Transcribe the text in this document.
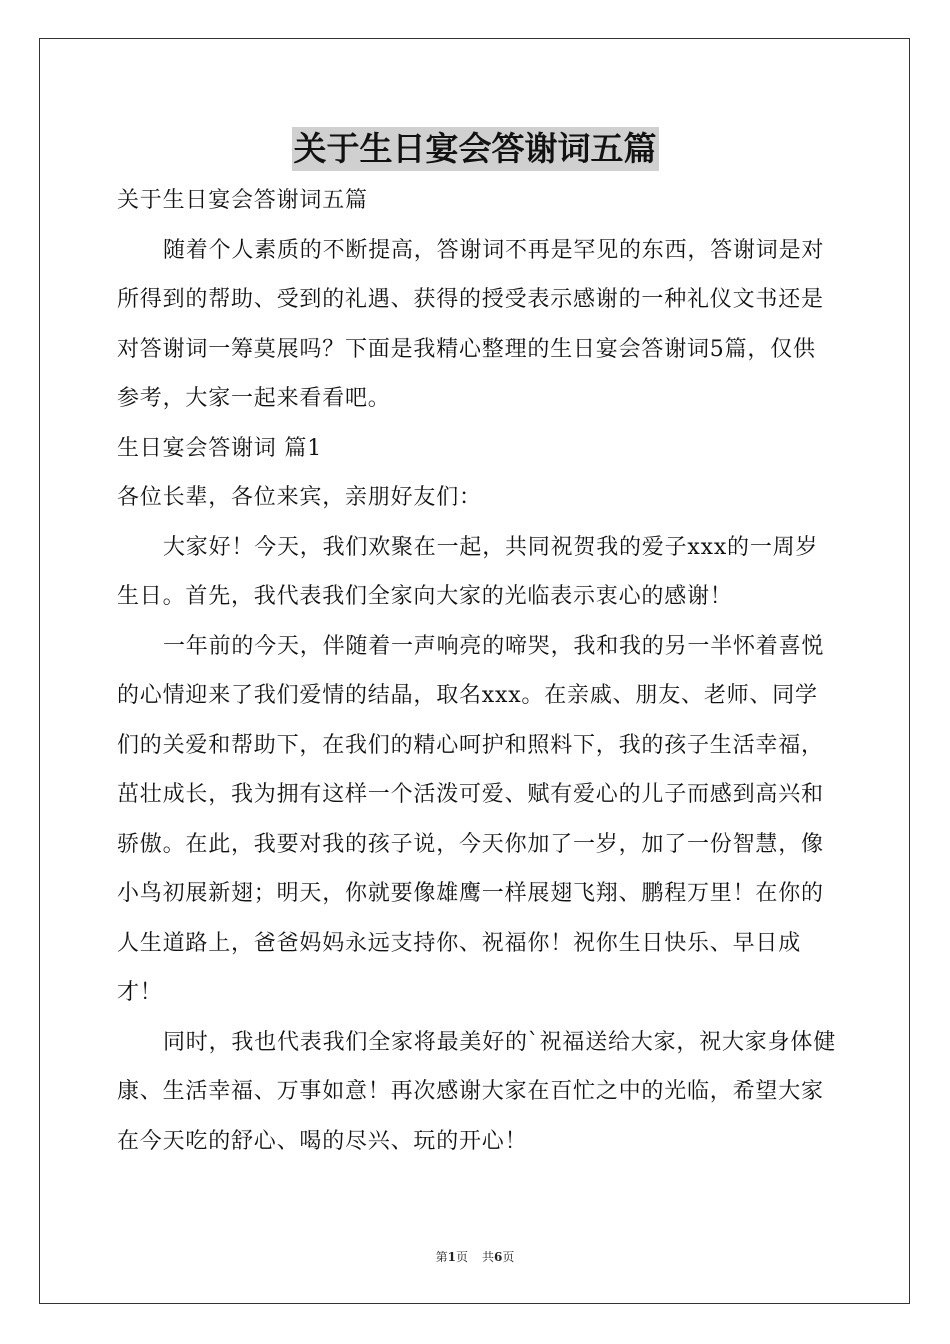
关于生日宴会答谢词五篇

关于生日宴会答谢词五篇

随着个人素质的不断提高，答谢词不再是罕见的东西，答谢词是对所得到的帮助、受到的礼遇、获得的授受表示感谢的一种礼仪文书还是对答谢词一筹莫展吗？下面是我精心整理的生日宴会答谢词5篇，仅供参考，大家一起来看看吧。

生日宴会答谢词 篇1

各位长辈，各位来宾，亲朋好友们：

大家好！今天，我们欢聚在一起，共同祝贺我的爱子xxx的一周岁生日。首先，我代表我们全家向大家的光临表示衷心的感谢！

一年前的今天，伴随着一声响亮的啼哭，我和我的另一半怀着喜悦的心情迎来了我们爱情的结晶，取名xxx。在亲戚、朋友、老师、同学们的关爱和帮助下，在我们的精心呵护和照料下，我的孩子生活幸福，茁壮成长，我为拥有这样一个活泼可爱、赋有爱心的儿子而感到高兴和骄傲。在此，我要对我的孩子说，今天你加了一岁，加了一份智慧，像小鸟初展新翅；明天，你就要像雄鹰一样展翅飞翔、鹏程万里！在你的人生道路上，爸爸妈妈永远支持你、祝福你！祝你生日快乐、早日成才！

同时，我也代表我们全家将最美好的`祝福送给大家，祝大家身体健康、生活幸福、万事如意！再次感谢大家在百忙之中的光临，希望大家在今天吃的舒心、喝的尽兴、玩的开心！

第1页 共6页
